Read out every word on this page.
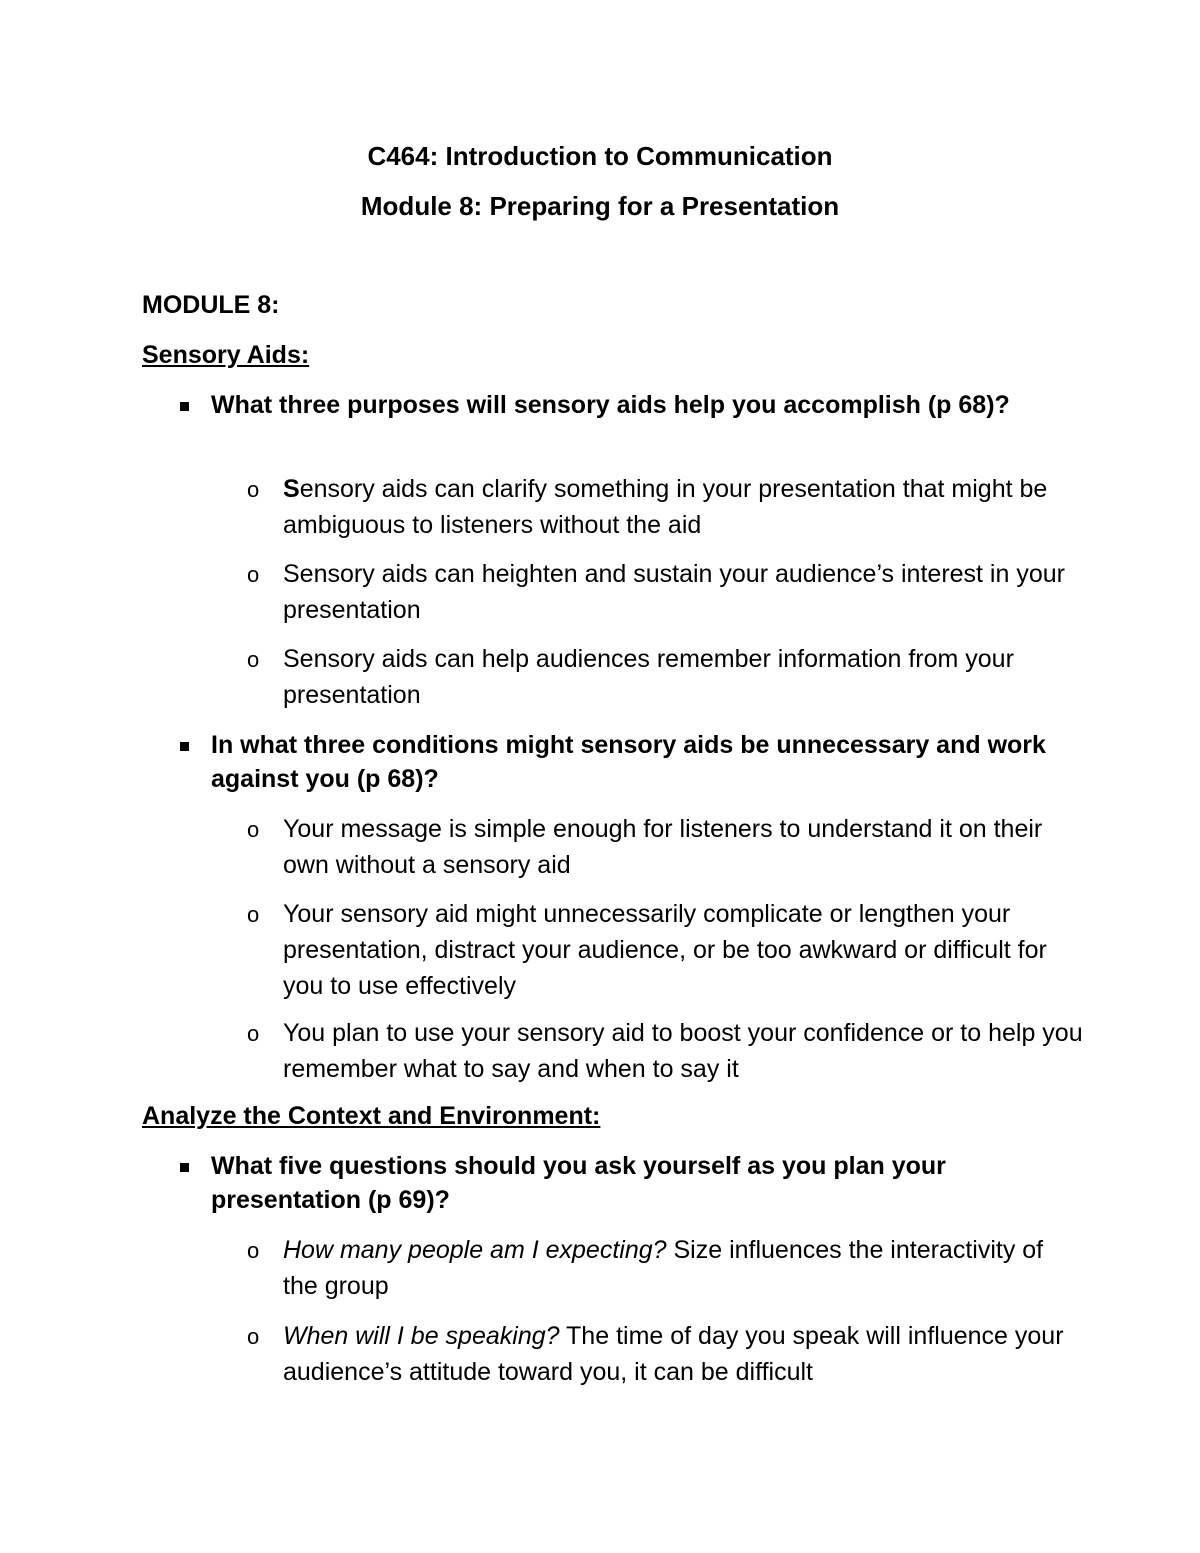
C464: Introduction to Communication
Module 8: Preparing for a Presentation
MODULE 8:
Sensory Aids:
What three purposes will sensory aids help you accomplish (p 68)?
o Sensory aids can clarify something in your presentation that might be ambiguous to listeners without the aid
o Sensory aids can heighten and sustain your audience’s interest in your presentation
o Sensory aids can help audiences remember information from your presentation
In what three conditions might sensory aids be unnecessary and work against you (p 68)?
o Your message is simple enough for listeners to understand it on their own without a sensory aid
o Your sensory aid might unnecessarily complicate or lengthen your presentation, distract your audience, or be too awkward or difficult for you to use effectively
o You plan to use your sensory aid to boost your confidence or to help you remember what to say and when to say it
Analyze the Context and Environment:
What five questions should you ask yourself as you plan your presentation (p 69)?
o How many people am I expecting? Size influences the interactivity of the group
o When will I be speaking? The time of day you speak will influence your audience’s attitude toward you, it can be difficult
